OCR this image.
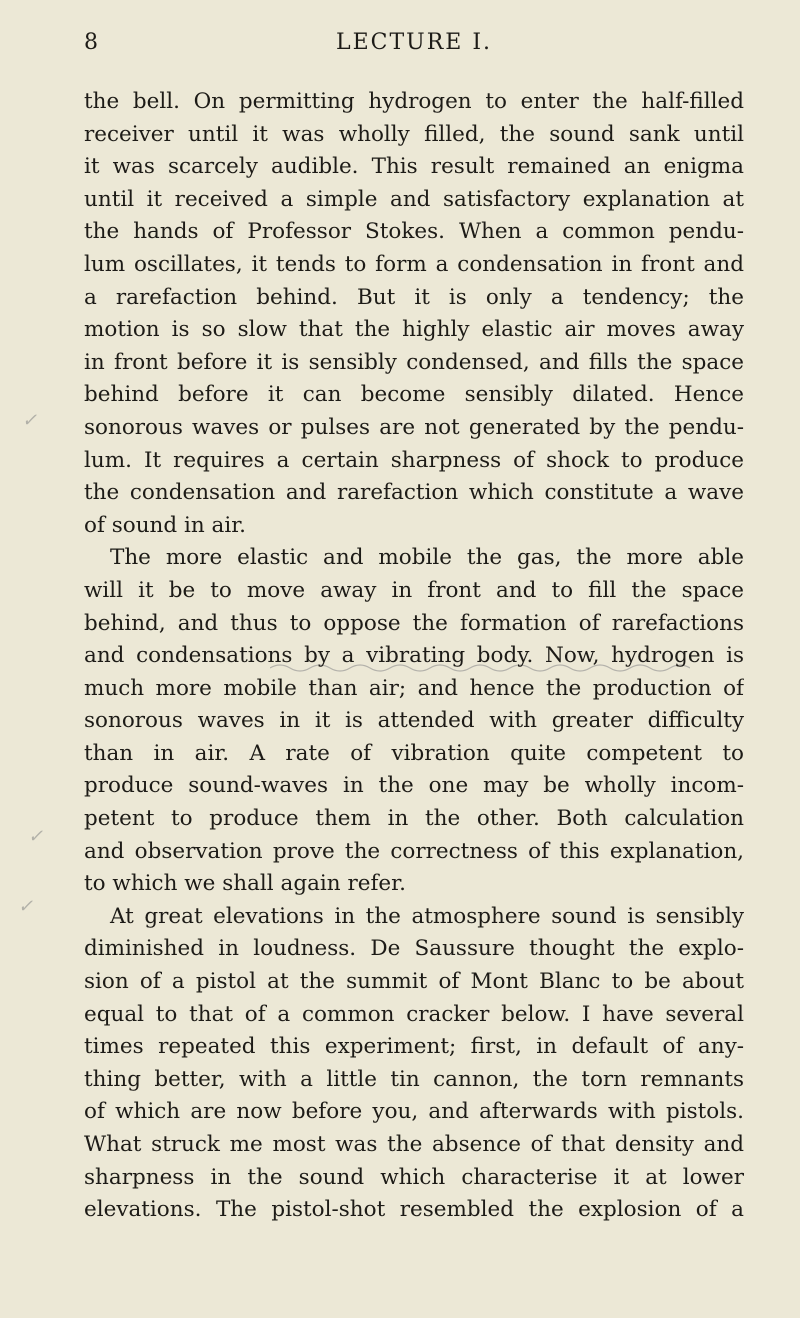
8	LECTURE I.
✓
✓
✓
the bell. On permitting hydrogen to enter the half-filled
receiver until it was wholly filled, the sound sank until
it was scarcely audible. This result remained an enigma
until it received a simple and satisfactory explanation at
the hands of Professor Stokes. When a common pendu-
lum oscillates, it tends to form a condensation in front and
a rarefaction behind. But it is only a tendency; the
motion is so slow that the highly elastic air moves away
in front before it is sensibly condensed, and fills the space
behind before it can become sensibly dilated. Hence
sonorous waves or pulses are not generated by the pendu-
lum. It requires a certain sharpness of shock to produce
the condensation and rarefaction which constitute a wave
of sound in air.
The more elastic and mobile the gas, the more able
will it be to move away in front and to fill the space
behind, and thus to oppose the formation of rarefactions
and condensations by a vibrating body. Now, hydrogen is
much more mobile than air; and hence the production of
sonorous waves in it is attended with greater difficulty
than in air. A rate of vibration quite competent to
produce sound-waves in the one may be wholly incom-
petent to produce them in the other. Both calculation
and observation prove the correctness of this explanation,
to which we shall again refer.
At great elevations in the atmosphere sound is sensibly
diminished in loudness. De Saussure thought the explo-
sion of a pistol at the summit of Mont Blanc to be about
equal to that of a common cracker below. I have several
times repeated this experiment; first, in default of any-
thing better, with a little tin cannon, the torn remnants
of which are now before you, and afterwards with pistols.
What struck me most was the absence of that density and
sharpness in the sound which characterise it at lower
elevations. The pistol-shot resembled the explosion of a
